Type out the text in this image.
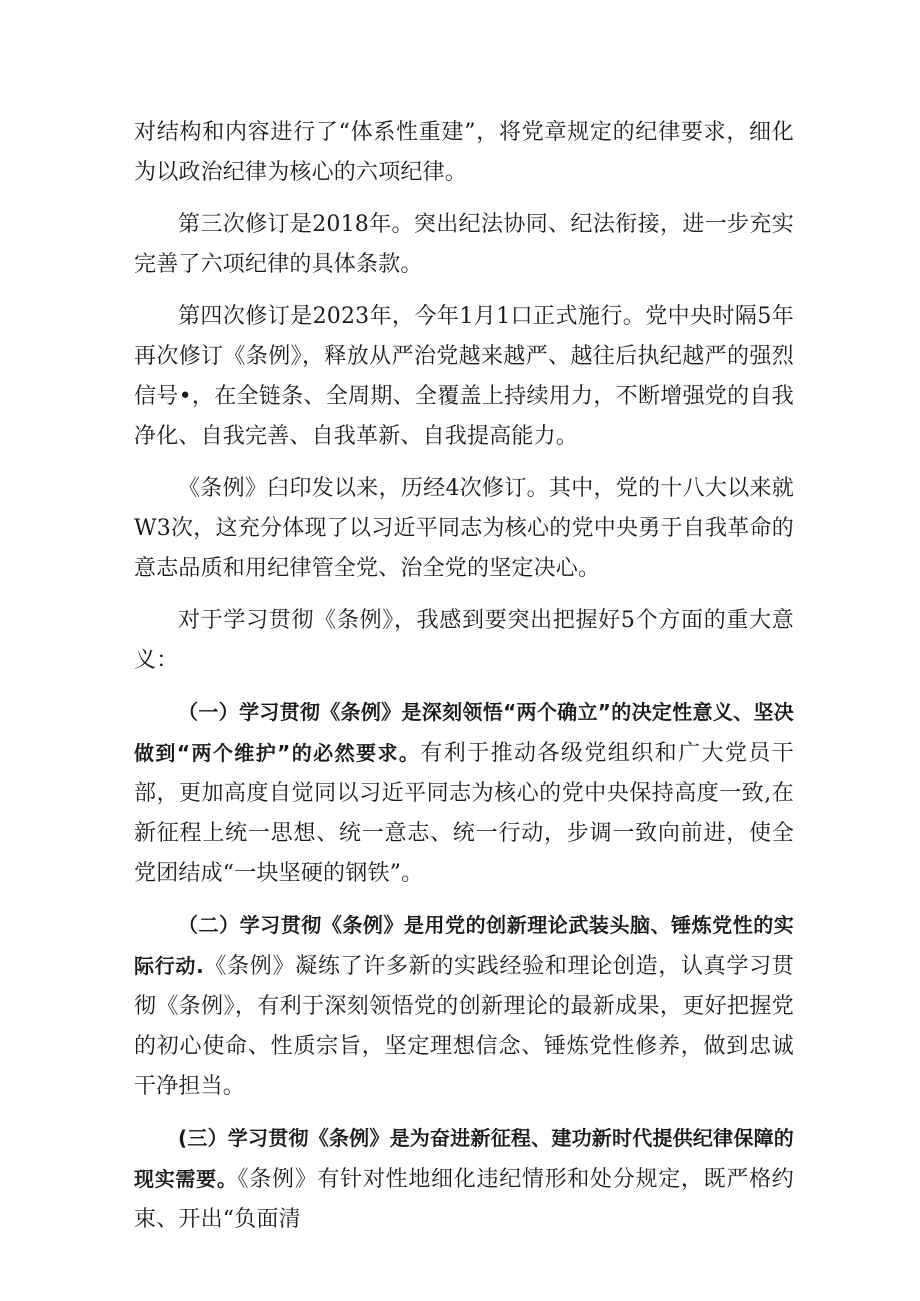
对结构和内容进行了“体系性重建”，将党章规定的纪律要求，细化为以政治纪律为核心的六项纪律。

第三次修订是2018年。突出纪法协同、纪法衔接，进一步充实完善了六项纪律的具体条款。

第四次修订是2023年，今年1月1口正式施行。党中央时隔5年再次修订《条例》，释放从严治党越来越严、越往后执纪越严的强烈信号•，在全链条、全周期、全覆盖上持续用力，不断增强党的自我净化、自我完善、自我革新、自我提高能力。

《条例》臼印发以来，历经4次修订。其中，党的十八大以来就W3次，这充分体现了以习近平同志为核心的党中央勇于自我革命的意志品质和用纪律管全党、治全党的坚定决心。

对于学习贯彻《条例》，我感到要突出把握好5个方面的重大意义：

（一）学习贯彻《条例》是深刻领悟“两个确立”的决定性意义、坚决做到“两个维护”的必然要求。有利于推动各级党组织和广大党员干部，更加高度自觉同以习近平同志为核心的党中央保持高度一致,在新征程上统一思想、统一意志、统一行动，步调一致向前进，使全党团结成“一块坚硬的钢铁”。

（二）学习贯彻《条例》是用党的创新理论武装头脑、锤炼党性的实际行动.《条例》凝练了许多新的实践经验和理论创造，认真学习贯彻《条例》，有利于深刻领悟党的创新理论的最新成果，更好把握党的初心使命、性质宗旨，坚定理想信念、锤炼党性修养，做到忠诚干净担当。

(三）学习贯彻《条例》是为奋进新征程、建功新时代提供纪律保障的现实需要。《条例》有针对性地细化违纪情形和处分规定，既严格约束、开出“负面清
